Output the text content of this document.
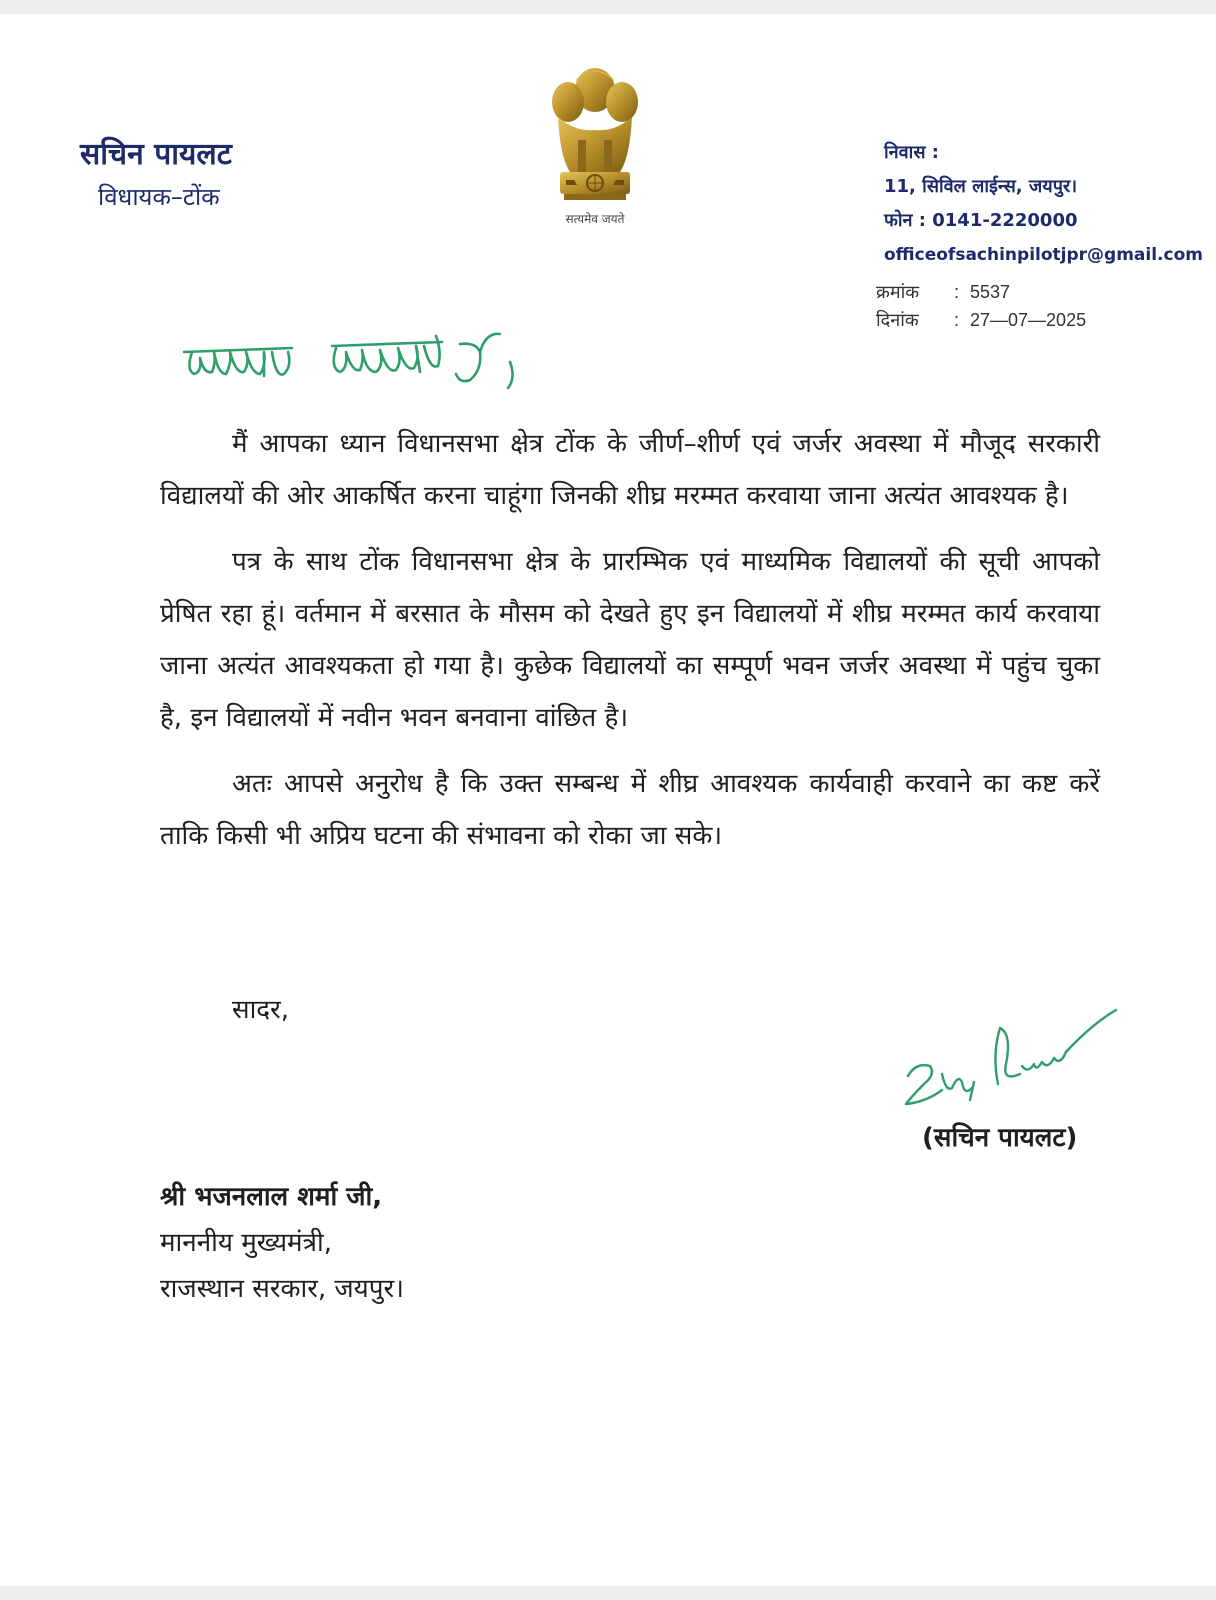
सचिन पायलट
विधायक–टोंक
सत्यमेव जयते
निवास :
11, सिविल लाईन्स, जयपुर।
फोन : 0141-2220000
officeofsachinpilotjpr@gmail.com
क्रमांक : 5537
दिनांक : 27—07—2025

मैं आपका ध्यान विधानसभा क्षेत्र टोंक के जीर्ण–शीर्ण एवं जर्जर अवस्था में मौजूद सरकारी विद्यालयों की ओर आकर्षित करना चाहूंगा जिनकी शीघ्र मरम्मत करवाया जाना अत्यंत आवश्यक है।

पत्र के साथ टोंक विधानसभा क्षेत्र के प्रारम्भिक एवं माध्यमिक विद्यालयों की सूची आपको प्रेषित रहा हूं। वर्तमान में बरसात के मौसम को देखते हुए इन विद्यालयों में शीघ्र मरम्मत कार्य करवाया जाना अत्यंत आवश्यकता हो गया है। कुछेक विद्यालयों का सम्पूर्ण भवन जर्जर अवस्था में पहुंच चुका है, इन विद्यालयों में नवीन भवन बनवाना वांछित है।

अतः आपसे अनुरोध है कि उक्त सम्बन्ध में शीघ्र आवश्यक कार्यवाही करवाने का कष्ट करें ताकि किसी भी अप्रिय घटना की संभावना को रोका जा सके।

सादर,
(सचिन पायलट)
श्री भजनलाल शर्मा जी,
माननीय मुख्यमंत्री,
राजस्थान सरकार, जयपुर।
